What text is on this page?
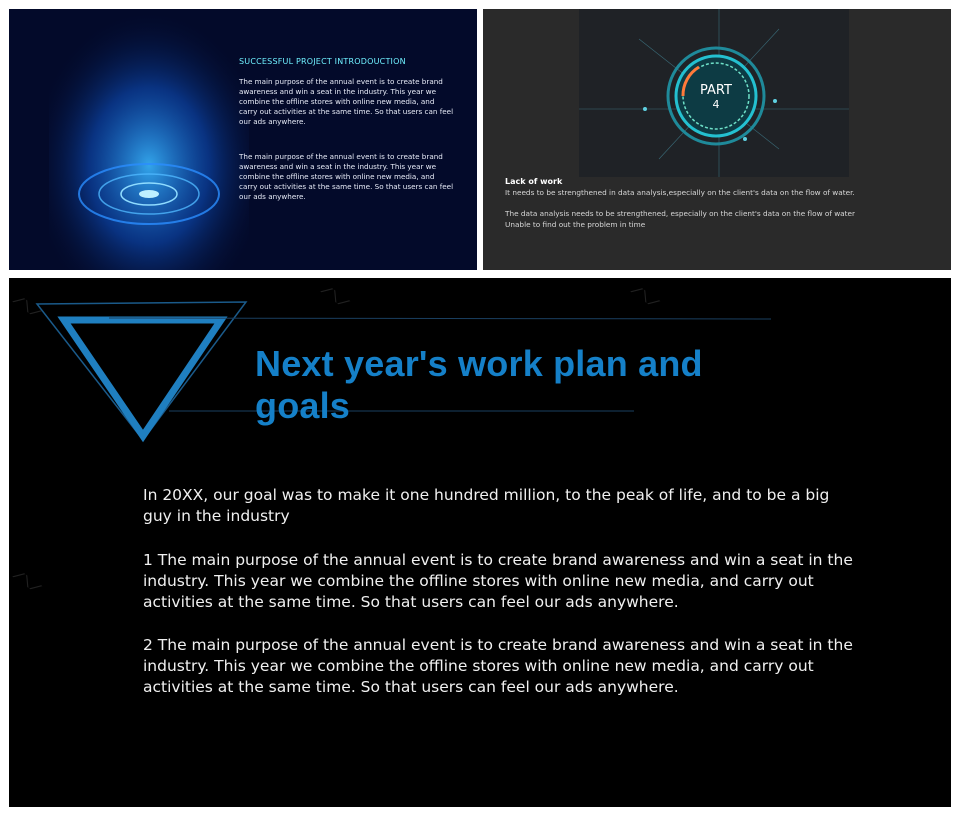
SUCCESSFUL PROJECT INTRODOUCTION
The main purpose of the annual event is to create brand awareness and win a seat in the industry. This year we combine the offline stores with online new media, and carry out activities at the same time. So that users can feel our ads anywhere.
The main purpose of the annual event is to create brand awareness and win a seat in the industry. This year we combine the offline stores with online new media, and carry out activities at the same time. So that users can feel our ads anywhere.
PART
4
Lack of work
It needs to be strengthened in data analysis,especially on the client's data on the flow of water.
The data analysis needs to be strengthened, especially on the client's data on the flow of water
Unable to find out the problem in time
Next year's work plan and goals
In 20XX, our goal was to make it one hundred million, to the peak of life, and to be a big guy in the industry
1 The main purpose of the annual event is to create brand awareness and win a seat in the industry. This year we combine the offline stores with online new media, and carry out activities at the same time. So that users can feel our ads anywhere.
2 The main purpose of the annual event is to create brand awareness and win a seat in the industry. This year we combine the offline stores with online new media, and carry out activities at the same time. So that users can feel our ads anywhere.
⟋⟍⟋	⟋⟍⟋	⟋⟍⟋
⟋⟍⟋
